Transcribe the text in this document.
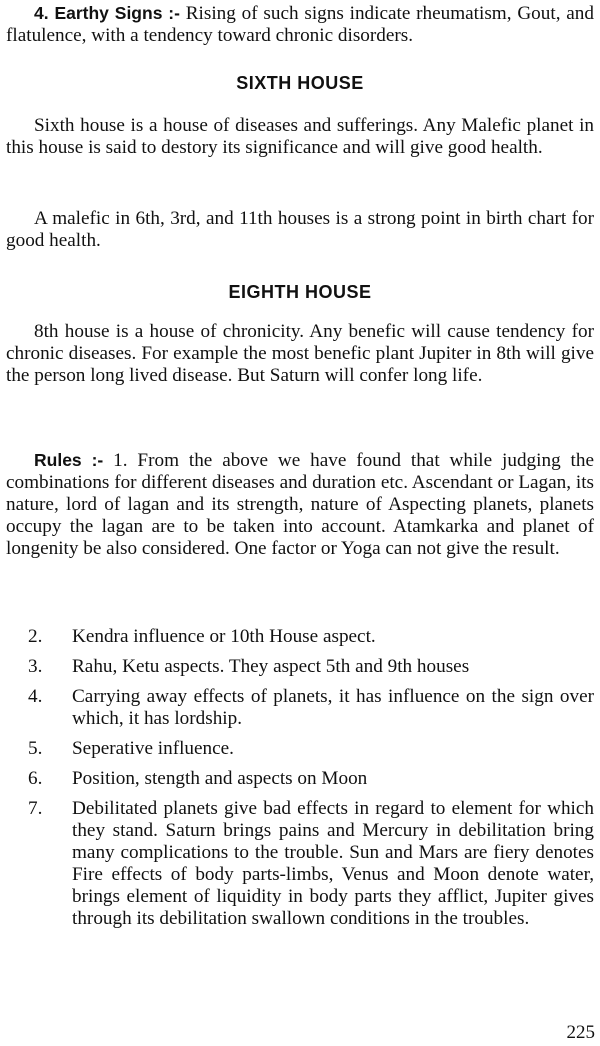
4. Earthy Signs :- Rising of such signs indicate rheumatism, Gout, and flatulence, with a tendency toward chronic disorders.

SIXTH HOUSE

Sixth house is a house of diseases and sufferings. Any Malefic planet in this house is said to destory its significance and will give good health.

A malefic in 6th, 3rd, and 11th houses is a strong point in birth chart for good health.

EIGHTH HOUSE

8th house is a house of chronicity. Any benefic will cause tendency for chronic diseases. For example the most benefic plant Jupiter in 8th will give the person long lived disease. But Saturn will confer long life.

Rules :- 1. From the above we have found that while judging the combinations for different diseases and duration etc. Ascendant or Lagan, its nature, lord of lagan and its strength, nature of Aspecting planets, planets occupy the lagan are to be taken into account. Atamkarka and planet of longenity be also considered. One factor or Yoga can not give the result.

2.	Kendra influence or 10th House aspect.
3.	Rahu, Ketu aspects. They aspect 5th and 9th houses
4.	Carrying away effects of planets, it has influence on the sign over which, it has lordship.
5.	Seperative influence.
6.	Position, stength and aspects on Moon
7.	Debilitated planets give bad effects in regard to element for which they stand. Saturn brings pains and Mercury in debilitation bring many complications to the trouble. Sun and Mars are fiery denotes Fire effects of body parts-limbs, Venus and Moon denote water, brings element of liquidity in body parts they afflict, Jupiter gives through its debilitation swallown conditions in the troubles.
225
